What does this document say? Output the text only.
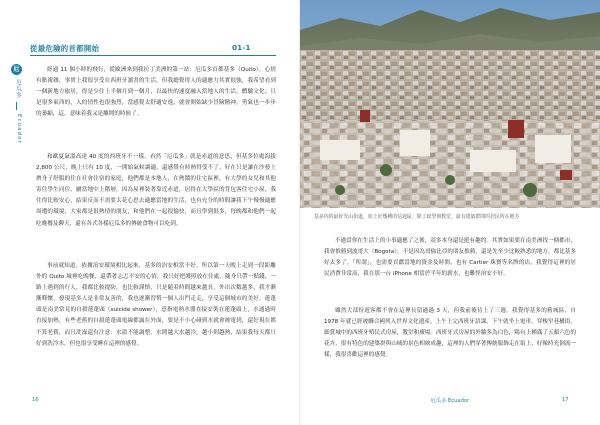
從最危險的首都開始	01-1
厄
厄瓜多
Ecuador

經過 11 個小時的飛行，從歐洲來到我拉丁美洲的第一站：厄瓜多首都基多（Quito）。心情有點複雜，事實上我很享受在西班牙讀書的生活，但我總覺得人的適應力其實很強，我希望看到一個新地方旅居，得是少住上半個月到一個月，以最快的速度融入當地人的生活，體驗文化；只是很多東西的，入的情性也很強烈，當感覺太舒適安逸，就會開始缺少冒險精神，勇氣也一步步的萎縮，這，意味着我又是離開的時候了。

和歐夏氣溫高達 40 度的西班牙不一樣，看然「厄瓜多」就是赤道的意思，但基多位處海拔 2,800 公尺，晚上只有 10 度，一開始氣候調適，還感覺有時熱得受不了。好在只是讓在沙發上擠身子舒服的住在社會住宿的家庭，他們都是本地人，在熱鬧的住宅區裡，有大學的女兒和其他寄住學生同住，屬當地中上階層，因為屋裡裝著靠近赤道，居得在大學區的背包客住宅小屋，我住得比較安心，結果反而不需要太花心思去適應當地的生活，也有充分的時間讓我下午慢慢適應周遭的環境，大家都是很熱情的朋友，和他們在一起很愉快，而且學到很多，每晚都和他們一起吃晚餐及聊天，還有各式各樣厄瓜多的傳統食物可以吃到。

事前就知道，依據治安環境相比起來，基多的治安相當不好。所以第一天晚上走到一段距離外的 Quito 城裡吃晚餐，還帶著忐忑不安的心情，我只好把護照放在住處，隨身只帶一點錢，一路上遇到的行人，我都比較提防，也比較謹慎，只是隨着時間越來越長，外出次數越多，我才漸漸釋懷，發現基多人是非常友善的，我也逐漸習慣一個人出門走走，享受這個城市的美好。蓮蓬頭是南美常見的自殺蓮蓬頭（suicide shower），意指電熱水器直接安裝在蓮蓬頭上，水通過時直接加熱，有些老舊的自殺蓮蓬頭電線都露在外面，要是不小心碰到水就會被電到，還好現在都不算老舊，而且洗澡還有注意：水溫不能調整，水開越大水越冷，越小則越熱，結果我每天都只好到洗冷水，但也很享受睡在這裡的感覺。

16
基多內的最好光山街道，加上好幾種的信通區，除了政學與教堂，最有建築群間的居民所在地方

不過當你在生活上的小事適應了之後，基多本身還是挺有趣的。其實如果要在南美洲找一個都市，我會推薦到波哥大（Bogota），不是因為哥倫比亞的朋友推薦，還是先至少比較熟悉的地方，都比基多好太多了。「所謂」，也需要貢獻當地的資金及時間，也有 Cartier 珠寶等名牌的店，我覺得這裡的居民消費非常高，我在那一台 iPhone 相當於半年的薪水，也難怪治安不好。

雖然大部份遊客都不會在這裡長留過過 3 天，但我前後待上了三週。我覺得基多的舊城區，自 1978 年就已經被聯合國列入世界文化遺產。上午上完西班牙語課，下午就坐上電車，穿梭窄巷構街，細賞城中的西班牙殖民式房屋，教堂和廣場。西班牙式房屋的外牆多為白色，陽台上種滿了五顏六色的花卉，很有特色的建築群與山城的景色相映成趣，這裡的人們穿著傳統服飾走在街上，好像時光倒流一樣，我很喜歡這裡的感覺。

厄瓜多 Ecuador	17
